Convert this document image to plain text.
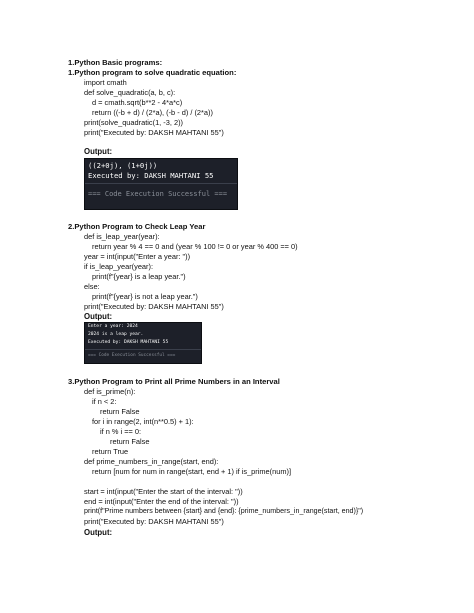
1.Python Basic programs:
1.Python program to solve quadratic equation:
import cmath
def solve_quadratic(a, b, c):
d = cmath.sqrt(b**2 - 4*a*c)
return ((-b + d) / (2*a), (-b - d) / (2*a))
print(solve_quadratic(1, -3, 2))
print("Executed by: DAKSH MAHTANI 55")
Output:
((2+0j), (1+0j))
Executed by: DAKSH MAHTANI 55
=== Code Execution Successful ===
2.Python Program to Check Leap Year
def is_leap_year(year):
return year % 4 == 0 and (year % 100 != 0 or year % 400 == 0)
year = int(input("Enter a year: "))
if is_leap_year(year):
print(f"{year} is a leap year.")
else:
print(f"{year} is not a leap year.")
print("Executed by: DAKSH MAHTANI 55")
Output:
Enter a year: 2024
2024 is a leap year.
Executed by: DAKSH MAHTANI 55
=== Code Execution Successful ===
3.Python Program to Print all Prime Numbers in an Interval
def is_prime(n):
if n < 2:
return False
for i in range(2, int(n**0.5) + 1):
if n % i == 0:
return False
return True
def prime_numbers_in_range(start, end):
return [num for num in range(start, end + 1) if is_prime(num)]
start = int(input("Enter the start of the interval: "))
end = int(input("Enter the end of the interval: "))
print(f"Prime numbers between {start} and {end}: {prime_numbers_in_range(start, end)}")
print("Executed by: DAKSH MAHTANI 55")
Output:
